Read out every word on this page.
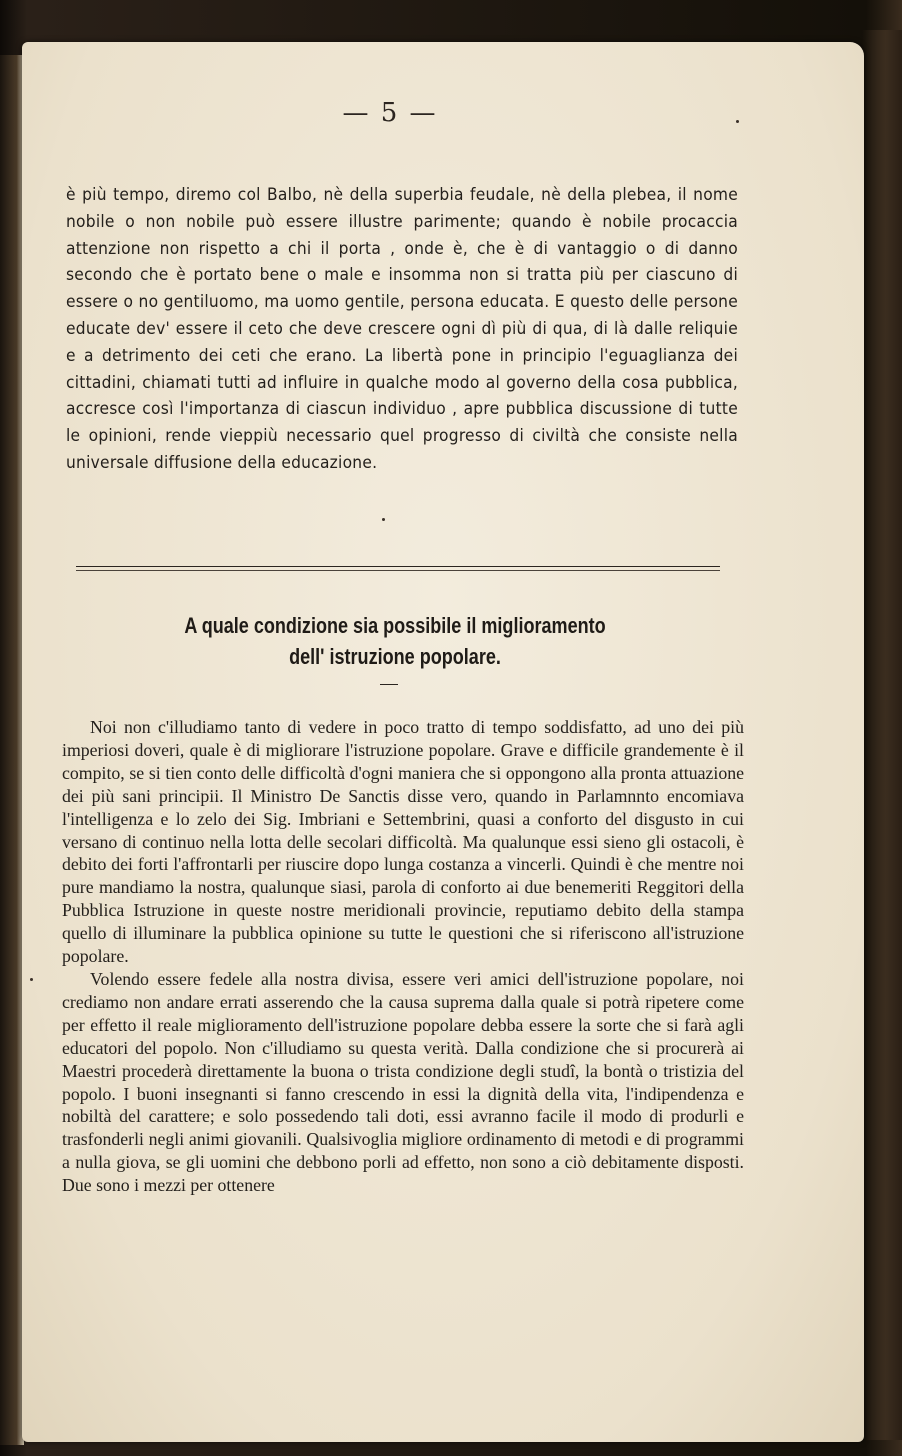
— 5 —
è più tempo, diremo col Balbo, nè della superbia feudale, nè della plebea, il nome nobile o non nobile può essere illustre parimente; quando è nobile procaccia attenzione non rispetto a chi il porta , onde è, che è di vantaggio o di danno secondo che è portato bene o male e insomma non si tratta più per ciascuno di essere o no gentiluomo, ma uomo gentile, persona educata. E questo delle persone educate dev' essere il ceto che deve crescere ogni dì più di qua, di là dalle reliquie e a detrimento dei ceti che erano. La libertà pone in principio l'eguaglianza dei cittadini, chiamati tutti ad influire in qualche modo al governo della cosa pubblica, accresce così l'importanza di ciascun individuo , apre pubblica discussione di tutte le opinioni, rende vieppiù necessario quel progresso di civiltà che consiste nella universale diffusione della educazione.
A quale condizione sia possibile il miglioramento
dell' istruzione popolare.

Noi non c'illudiamo tanto di vedere in poco tratto di tempo soddisfatto, ad uno dei più imperiosi doveri, quale è di migliorare l'istruzione popolare. Grave e difficile grandemente è il compito, se si tien conto delle difficoltà d'ogni maniera che si oppongono alla pronta attuazione dei più sani principii. Il Ministro De Sanctis disse vero, quando in Parlamnnto encomiava l'intelligenza e lo zelo dei Sig. Imbriani e Settembrini, quasi a conforto del disgusto in cui versano di continuo nella lotta delle secolari difficoltà. Ma qualunque essi sieno gli ostacoli, è debito dei forti l'affrontarli per riuscire dopo lunga costanza a vincerli. Quindi è che mentre noi pure mandiamo la nostra, qualunque siasi, parola di conforto ai due benemeriti Reggitori della Pubblica Istruzione in queste nostre meridionali provincie, reputiamo debito della stampa quello di illuminare la pubblica opinione su tutte le questioni che si riferiscono all'istruzione popolare.

Volendo essere fedele alla nostra divisa, essere veri amici dell'istruzione popolare, noi crediamo non andare errati asserendo che la causa suprema dalla quale si potrà ripetere come per effetto il reale miglioramento dell'istruzione popolare debba essere la sorte che si farà agli educatori del popolo. Non c'illudiamo su questa verità. Dalla condizione che si procurerà ai Maestri procederà direttamente la buona o trista condizione degli studî, la bontà o tristizia del popolo. I buoni insegnanti si fanno crescendo in essi la dignità della vita, l'indipendenza e nobiltà del carattere; e solo possedendo tali doti, essi avranno facile il modo di produrli e trasfonderli negli animi giovanili. Qualsivoglia migliore ordinamento di metodi e di programmi a nulla giova, se gli uomini che debbono porli ad effetto, non sono a ciò debitamente disposti. Due sono i mezzi per ottenere
